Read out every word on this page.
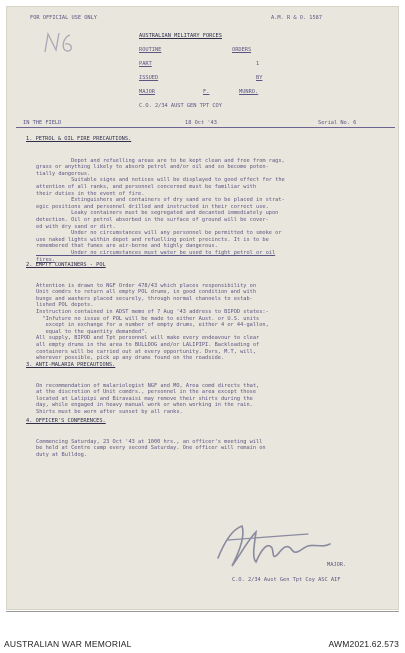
FOR OFFICIAL USE ONLY	A.M. R & O. 1587
AUSTRALIAN MILITARY FORCES
ROUTINE	ORDERS
PART	1
ISSUED	BY
MAJOR	F.	MUNRO.
C.O. 2/34 AUST GEN TPT COY
IN THE FIELD	18 Oct '43	Serial No. 6
1. PETROL & OIL FIRE PRECAUTIONS.

Depot and refuelling areas are to be kept clean and free from rags,
grass or anything likely to absorb petrol and/or oil and so become poten-
tially dangerous.
Suitable signs and notices will be displayed to good effect for the
attention of all ranks, and personnel concerned must be familiar with
their duties in the event of fire.
Extinguishers and containers of dry sand are to be placed in strat-
egic positions and personnel drilled and instructed in their correct use.
Leaky containers must be segregated and decanted immediately upon
detection. Oil or petrol absorbed in the surface of ground will be cover-
ed with dry sand or dirt.
Under no circumstances will any personnel be permitted to smoke or
use naked lights within depot and refuelling point precincts. It is to be
remembered that fumes are air-borne and highly dangerous.
Under no circumstances must water be used to fight petrol or oil
fires.

2. EMPTY CONTAINERS - POL

Attention is drawn to NGF Order 478/43 which places responsibility on
Unit comdrs to return all empty POL drums, in good condition and with
bungs and washers placed securely, through normal channels to estab-
lished POL depots.
Instruction contained in ADST memo of 7 Aug '43 address to BIPOD states:-
"Infuture no issue of POL will be made to either Aust. or U.S. units
except in exchange for a number of empty drums, either 4 or 44-gallon,
equal to the quantity demanded".
All supply, BIPOD and Tpt personnel will make every endeavour to clear
all empty drums in the area to BULLDOG and/or LALIPIPI. Backloading of
containers will be carried out at every opportunity. Dvrs, M.T, will,
wherever possible, pick up any drums found on the roadside.

3. ANTI-MALARIA PRECAUTIONS.

On recommendation of malariologist NGF and MO, Area comd directs that,
at the discretion of Unit comdrs., personnel in the area except those
located at Lalipipi and Biravaisi may remove their shirts during the
day, while engaged in heavy manual work or when working in the rain.
Shirts must be worn after sunset by all ranks.

4. OFFICER'S CONFERENCES.

Commencing Saturday, 23 Oct '43 at 1000 hrs., an officer's meeting will
be held at Centre camp every second Saturday. One officer will remain on
duty at Bulldog.

MAJOR.
C.O. 2/34 Aust Gen Tpt Coy ASC AIF
AUSTRALIAN WAR MEMORIAL	AWM2021.62.573
